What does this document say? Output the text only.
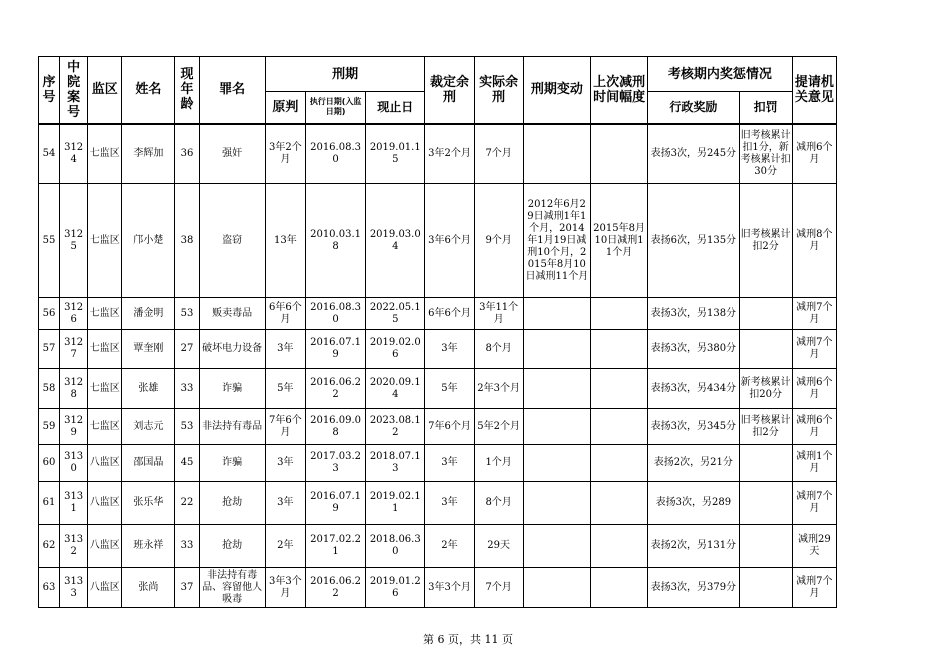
序号	中院案号	监区	姓名	现年龄	罪名	刑期			裁定余刑	实际余刑	刑期变动	上次减刑时间幅度	考核期内奖惩情况		提请机关意见
						原判	执行日期(入监日期)	现止日					行政奖励	扣罚	
54	3124	七监区	李辉加	36	强奸	3年2个月	2016.08.30	2019.01.15	3年2个月	7个月			表扬3次，另245分	旧考核累计扣1分，新考核累计扣30分	减刑6个月
55	3125	七监区	邝小楚	38	盗窃	13年	2010.03.18	2019.03.04	3年6个月	9个月	2012年6月29日减刑1年1个月，2014年1月19日减刑10个月，2015年8月10日减刑11个月	2015年8月10日减刑11个月	表扬6次，另135分	旧考核累计扣2分	减刑8个月
56	3126	七监区	潘金明	53	贩卖毒品	6年6个月	2016.08.30	2022.05.15	6年6个月	3年11个月			表扬3次，另138分		减刑7个月
57	3127	七监区	覃奎刚	27	破坏电力设备	3年	2016.07.19	2019.02.06	3年	8个月			表扬3次，另380分		减刑7个月
58	3128	七监区	张雄	33	诈骗	5年	2016.06.22	2020.09.14	5年	2年3个月			表扬3次，另434分	新考核累计扣20分	减刑6个月
59	3129	七监区	刘志元	53	非法持有毒品	7年6个月	2016.09.08	2023.08.12	7年6个月	5年2个月			表扬3次，另345分	旧考核累计扣2分	减刑6个月
60	3130	八监区	邵国晶	45	诈骗	3年	2017.03.23	2018.07.13	3年	1个月			表扬2次，另21分		减刑1个月
61	3131	八监区	张乐华	22	抢劫	3年	2016.07.19	2019.02.11	3年	8个月			表扬3次，另289		减刑7个月
62	3132	八监区	班永祥	33	抢劫	2年	2017.02.21	2018.06.30	2年	29天			表扬2次，另131分		减刑29天
63	3133	八监区	张尚	37	非法持有毒品、容留他人吸毒	3年3个月	2016.06.22	2019.01.26	3年3个月	7个月			表扬3次，另379分		减刑7个月
第 6 页，共 11 页
